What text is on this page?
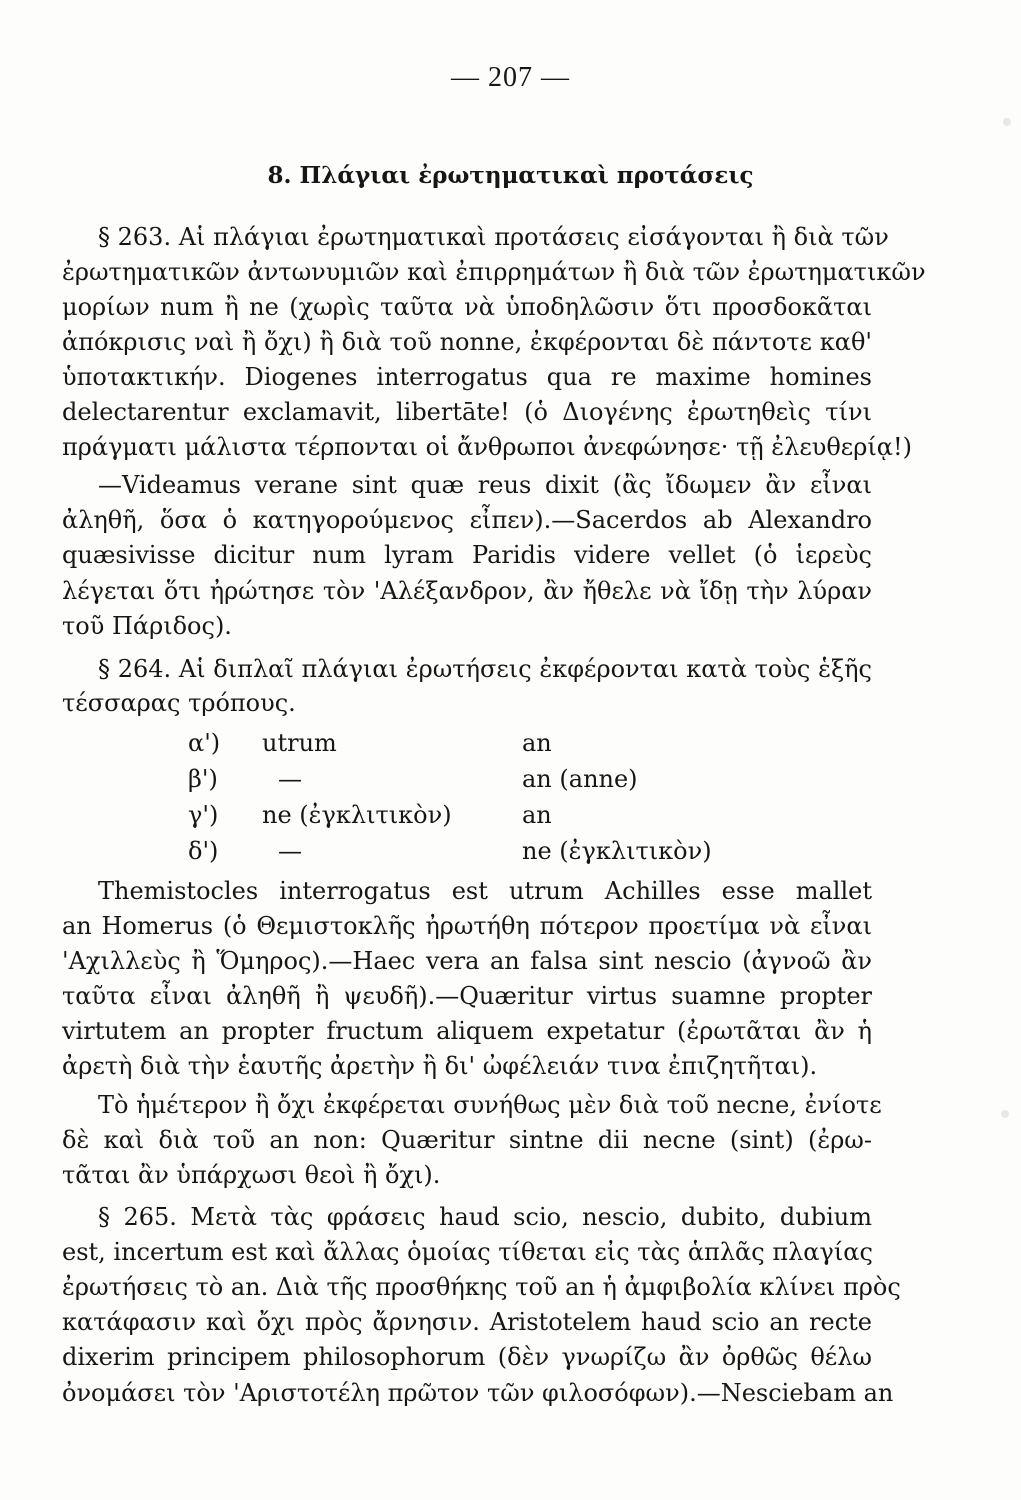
— 207 —
8. Πλάγιαι ἐρωτηματικαὶ προτάσεις
§ 263. Αἱ πλάγιαι ἐρωτηματικαὶ προτάσεις εἰσάγονται ἢ διὰ τῶν
ἐρωτηματικῶν ἀντωνυμιῶν καὶ ἐπιρρημάτων ἢ διὰ τῶν ἐρωτηματικῶν
μορίων num ἢ ne (χωρὶς ταῦτα νὰ ὑποδηλῶσιν ὅτι προσδοκᾶται
ἀπόκρισις ναὶ ἢ ὄχι) ἢ διὰ τοῦ nonne, ἐκφέρονται δὲ πάντοτε καθ'
ὑποτακτικήν. Diogenes interrogatus qua re maxime homines
delectarentur exclamavit, libertāte! (ὁ Διογένης ἐρωτηθεὶς τίνι
πράγματι μάλιστα τέρπονται οἱ ἄνθρωποι ἀνεφώνησε· τῇ ἐλευθερίᾳ!)
—Videamus verane sint quæ reus dixit (ἂς ἴδωμεν ἂν εἶναι
ἀληθῆ, ὅσα ὁ κατηγορούμενος εἶπεν).—Sacerdos ab Alexandro
quæsivisse dicitur num lyram Paridis videre vellet (ὁ ἱερεὺς
λέγεται ὅτι ἠρώτησε τὸν 'Αλέξανδρον, ἂν ἤθελε νὰ ἴδῃ τὴν λύραν
τοῦ Πάριδος).
§ 264. Αἱ διπλαῖ πλάγιαι ἐρωτήσεις ἐκφέρονται κατὰ τοὺς ἑξῆς
τέσσαρας τρόπους.
α') utrum	an
β')	—	an (anne)
γ') ne (ἐγκλιτικὸν)	an
δ') —	ne (ἐγκλιτικὸν)
Themistocles interrogatus est utrum Achilles esse mallet
an Homerus (ὁ Θεμιστοκλῆς ἠρωτήθη πότερον προετίμα νὰ εἶναι
'Αχιλλεὺς ἢ Ὅμηρος).—Haec vera an falsa sint nescio (ἀγνοῶ ἂν
ταῦτα εἶναι ἀληθῆ ἢ ψευδῆ).—Quæritur virtus suamne propter
virtutem an propter fructum aliquem expetatur (ἐρωτᾶται ἂν ἡ
ἀρετὴ διὰ τὴν ἑαυτῆς ἀρετὴν ἢ δι' ὠφέλειάν τινα ἐπιζητῆται).
Τὸ ἡμέτερον ἢ ὄχι ἐκφέρεται συνήθως μὲν διὰ τοῦ necne, ἐνίοτε
δὲ καὶ διὰ τοῦ an non: Quæritur sintne dii necne (sint) (ἐρω-
τᾶται ἂν ὑπάρχωσι θεοὶ ἢ ὄχι).
§ 265. Μετὰ τὰς φράσεις haud scio, nescio, dubito, dubium
est, incertum est καὶ ἄλλας ὁμοίας τίθεται εἰς τὰς ἁπλᾶς πλαγίας
ἐρωτήσεις τὸ an. Διὰ τῆς προσθήκης τοῦ an ἡ ἀμφιβολία κλίνει πρὸς
κατάφασιν καὶ ὄχι πρὸς ἄρνησιν. Aristotelem haud scio an recte
dixerim principem philosophorum (δὲν γνωρίζω ἂν ὀρθῶς θέλω
ὀνομάσει τὸν 'Αριστοτέλη πρῶτον τῶν φιλοσόφων).—Nesciebam an
